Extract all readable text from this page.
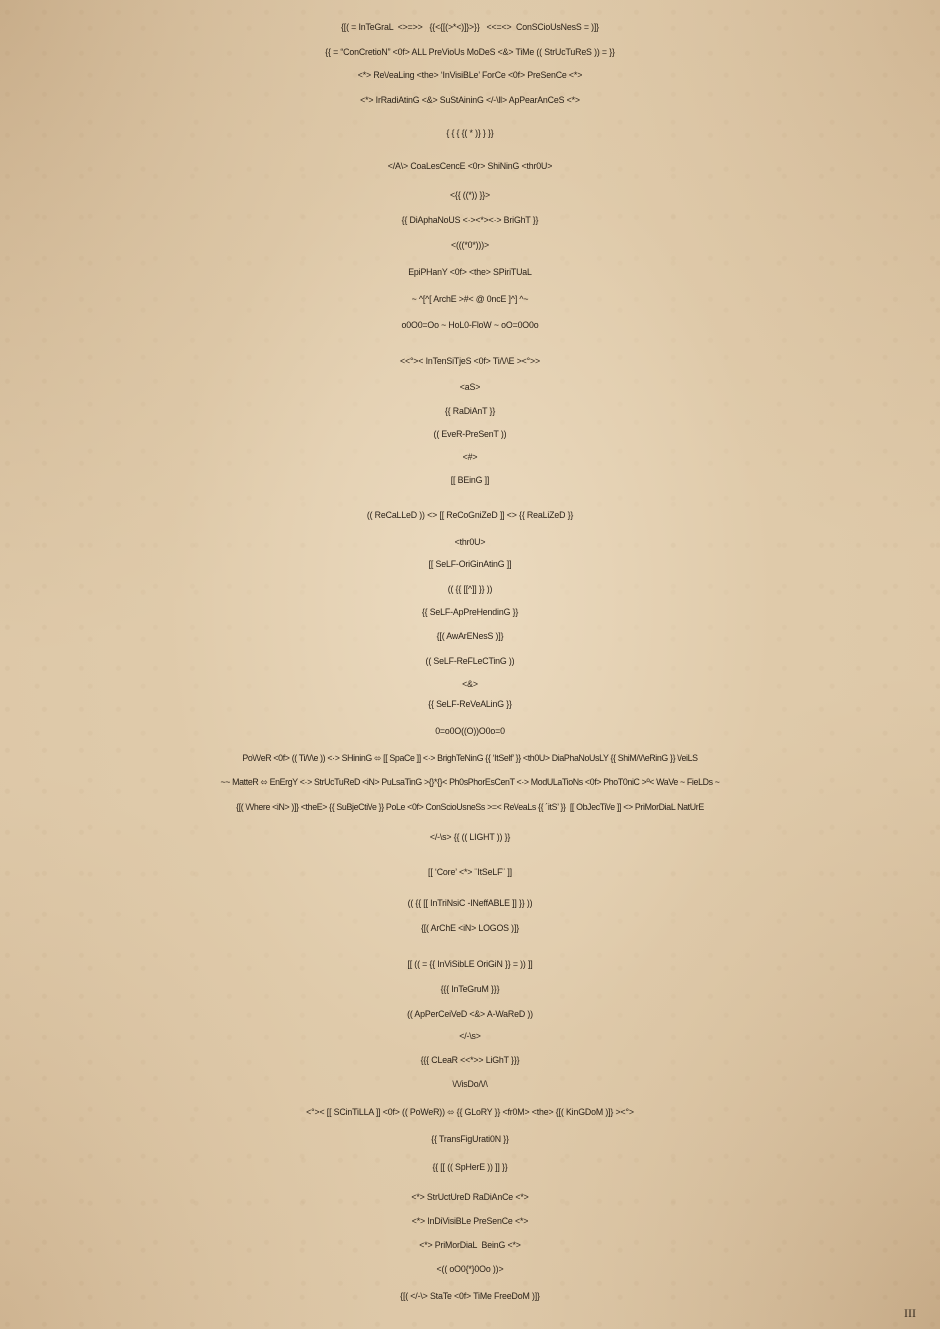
{[( = InTeGraL  <>=>>   {{<{[(>*<)]}>}}   <<=<>  ConSCioUsNesS = )]}

{{ = “ConCretioN” <0f> ALL PreVioUs MoDeS <&> TiMe (( StrUcTuReS )) = }}

<*> Re\/eaLing <the> ‘InVisiBLe’ ForCe <0f> PreSenCe <*>

<*> IrRadiAtinG <&> SuStAininG </-\ll> ApPearAnCeS <*>

{ { { {( * )} } }}

</A\> CoaLesCencE <0r> ShiNinG <thr0U>

<{{ ((*)) }}>

{{ DiAphaNoUS <·><*><·> BriGhT }}

<(((*0*)))>

EpiPHanY <0f> <the> SPiriTUaL

~ ^[^[ ArchE >#< @ 0ncE ]^] ^~

o0O0=Oo ~ HoL0-FloW ~ oO=0O0o

<<°>< InTenSiTjeS <0f> Ti/\/\E ><°>>

<aS>

{{ RaDiAnT }}

(( EveR-PreSenT ))

<#>

[[ BEinG ]]

(( ReCaLLeD )) <> [[ ReCoGniZeD ]] <> {{ ReaLiZeD }}

<thr0U>

[[ SeLF-OriGinAtinG ]]

(( {{ [[^]] }} ))

{{ SeLF-ApPreHendinG }}

{[( AwArENesS )]}

(( SeLF-ReFLeCTinG ))

<&>

{{ SeLF-ReVeALinG }}

0=o0O((O))O0o=0

Po\/\/eR <0f> (( Ti/\/\e )) <·> SHininG ⬄ [[ SpaCe ]] <·> BrighTeNinG {{ ‘ItSelf’ }} <th0U> DiaPhaNoUsLY {{ ShiM/\/\eRinG }} \/eiLS

~~ MatteR ⬄ EnErgY <·> StrUcTuReD <iN> PuLsaTinG >{}*{}< Ph0sPhorEsCenT <·> ModULaTioNs <0f> PhoT0niC >º< WaVe ~ FieLDs ~

{[( \/\/here <iN> )]} <theE> {{ SuBjeCti\/e }} PoLe <0f> ConScioUsneSs >=< Re\/eaLs {{ ´itS’ }}  [[ ObJecTi\/e ]] <> PriMorDiaL NatUrE

</-\s> {{ (( LIGHT )) }}

[[ ‘Core’ <*> ¨ItSeLF¨ ]]

(( {{ [[ InTriNsiC -INeffABLE ]] }} ))

{[( ArChE <iN> LOGOS )]}

[[ (( = {{ InViSibLE OriGiN }} = )) ]]

{{{ InTeGruM }}}

(( ApPerCeiVeD <&> A-WaReD ))

</-\s>

{{{ CLeaR <<*>> LiGhT }}}

\/\/isDo/\/\

<°>< [[ SCinTiLLA ]] <0f> (( PoWeR)) ⬄ {{ GLoRY }} <fr0M> <the> {[( KinGDoM )]} ><°>

{{ TransFigUrati0N }}

{{ [[ (( SpHerE )) ]] }}

<*> StrUctUreD RaDiAnCe <*>

<*> InDiVisiBLe PreSenCe <*>

<*> PriMorDiaL  BeinG <*>

<(( oO0{*}0Oo ))>

{[( </-\> StaTe <0f> TiMe FreeDoM )]}

III
